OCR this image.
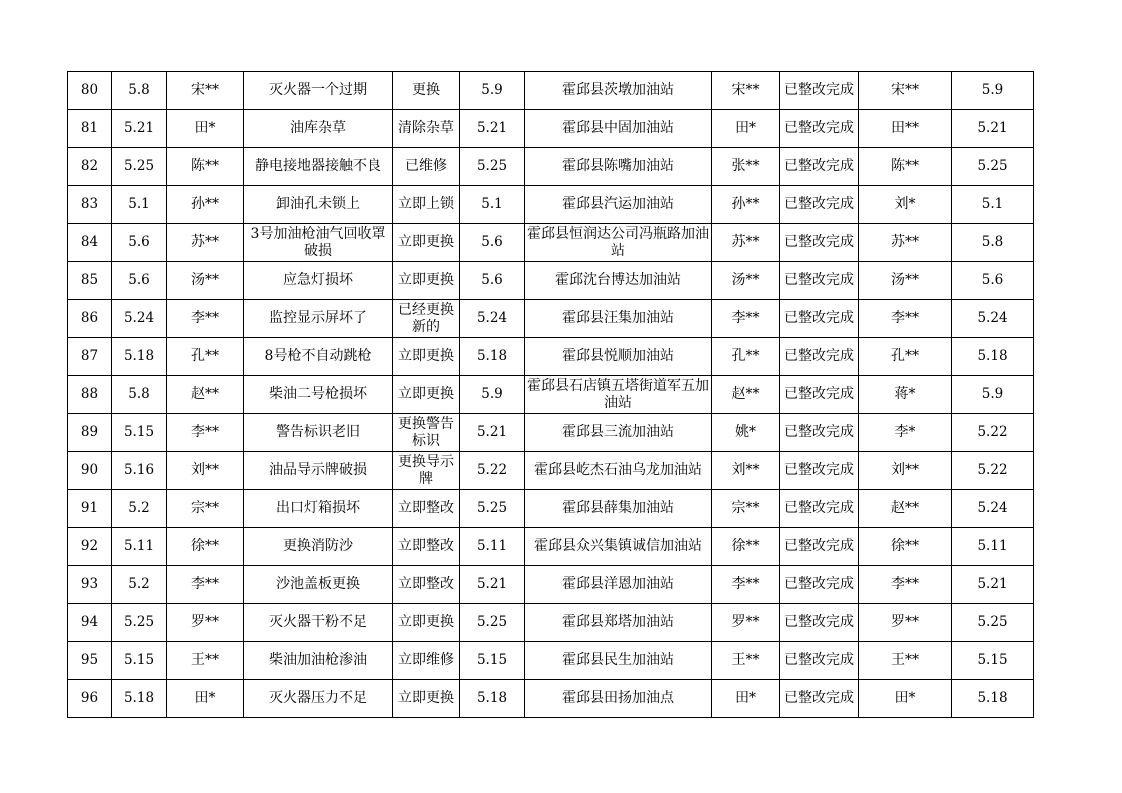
80	5.8	宋**	灭火器一个过期	更换	5.9	霍邱县茨墩加油站	宋**	已整改完成	宋**	5.9
81	5.21	田*	油库杂草	清除杂草	5.21	霍邱县中固加油站	田*	已整改完成	田**	5.21
82	5.25	陈**	静电接地器接触不良	已维修	5.25	霍邱县陈嘴加油站	张**	已整改完成	陈**	5.25
83	5.1	孙**	卸油孔未锁上	立即上锁	5.1	霍邱县汽运加油站	孙**	已整改完成	刘*	5.1
84	5.6	苏**	3号加油枪油气回收罩破损	立即更换	5.6	霍邱县恒润达公司冯瓶路加油站	苏**	已整改完成	苏**	5.8
85	5.6	汤**	应急灯损坏	立即更换	5.6	霍邱沈台博达加油站	汤**	已整改完成	汤**	5.6
86	5.24	李**	监控显示屏坏了	已经更换新的	5.24	霍邱县汪集加油站	李**	已整改完成	李**	5.24
87	5.18	孔**	8号枪不自动跳枪	立即更换	5.18	霍邱县悦顺加油站	孔**	已整改完成	孔**	5.18
88	5.8	赵**	柴油二号枪损坏	立即更换	5.9	霍邱县石店镇五塔街道军五加油站	赵**	已整改完成	蒋*	5.9
89	5.15	李**	警告标识老旧	更换警告标识	5.21	霍邱县三流加油站	姚*	已整改完成	李*	5.22
90	5.16	刘**	油品导示牌破损	更换导示牌	5.22	霍邱县屹杰石油乌龙加油站	刘**	已整改完成	刘**	5.22
91	5.2	宗**	出口灯箱损坏	立即整改	5.25	霍邱县薛集加油站	宗**	已整改完成	赵**	5.24
92	5.11	徐**	更换消防沙	立即整改	5.11	霍邱县众兴集镇诚信加油站	徐**	已整改完成	徐**	5.11
93	5.2	李**	沙池盖板更换	立即整改	5.21	霍邱县洋恩加油站	李**	已整改完成	李**	5.21
94	5.25	罗**	灭火器干粉不足	立即更换	5.25	霍邱县郑塔加油站	罗**	已整改完成	罗**	5.25
95	5.15	王**	柴油加油枪渗油	立即维修	5.15	霍邱县民生加油站	王**	已整改完成	王**	5.15
96	5.18	田*	灭火器压力不足	立即更换	5.18	霍邱县田扬加油点	田*	已整改完成	田*	5.18
